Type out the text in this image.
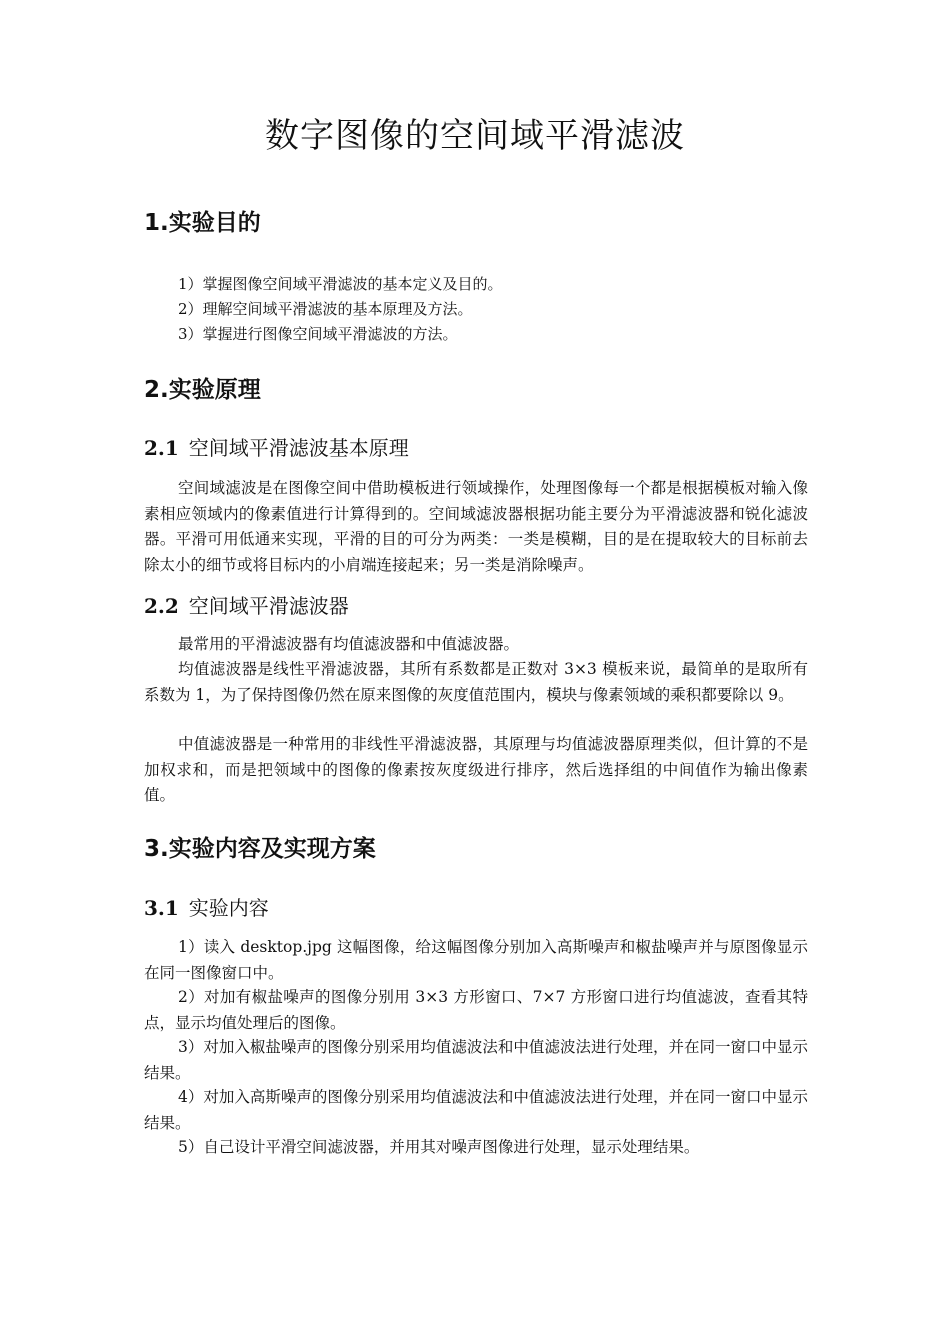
数字图像的空间域平滑滤波
1.实验目的
1）掌握图像空间域平滑滤波的基本定义及目的。
2）理解空间域平滑滤波的基本原理及方法。
3）掌握进行图像空间域平滑滤波的方法。
2.实验原理
2.1 空间域平滑滤波基本原理
空间域滤波是在图像空间中借助模板进行领域操作，处理图像每一个都是根据模板对输入像素相应领域内的像素值进行计算得到的。空间域滤波器根据功能主要分为平滑滤波器和锐化滤波器。平滑可用低通来实现，平滑的目的可分为两类：一类是模糊，目的是在提取较大的目标前去除太小的细节或将目标内的小肩端连接起来；另一类是消除噪声。
2.2 空间域平滑滤波器
最常用的平滑滤波器有均值滤波器和中值滤波器。
均值滤波器是线性平滑滤波器，其所有系数都是正数对 3×3 模板来说，最简单的是取所有系数为 1，为了保持图像仍然在原来图像的灰度值范围内，模块与像素领域的乘积都要除以 9。
中值滤波器是一种常用的非线性平滑滤波器，其原理与均值滤波器原理类似，但计算的不是加权求和，而是把领域中的图像的像素按灰度级进行排序，然后选择组的中间值作为输出像素值。
3.实验内容及实现方案
3.1 实验内容
1）读入 desktop.jpg 这幅图像，给这幅图像分别加入高斯噪声和椒盐噪声并与原图像显示在同一图像窗口中。
2）对加有椒盐噪声的图像分别用 3×3 方形窗口、7×7 方形窗口进行均值滤波，查看其特点，显示均值处理后的图像。
3）对加入椒盐噪声的图像分别采用均值滤波法和中值滤波法进行处理，并在同一窗口中显示结果。
4）对加入高斯噪声的图像分别采用均值滤波法和中值滤波法进行处理，并在同一窗口中显示结果。
5）自己设计平滑空间滤波器，并用其对噪声图像进行处理，显示处理结果。
